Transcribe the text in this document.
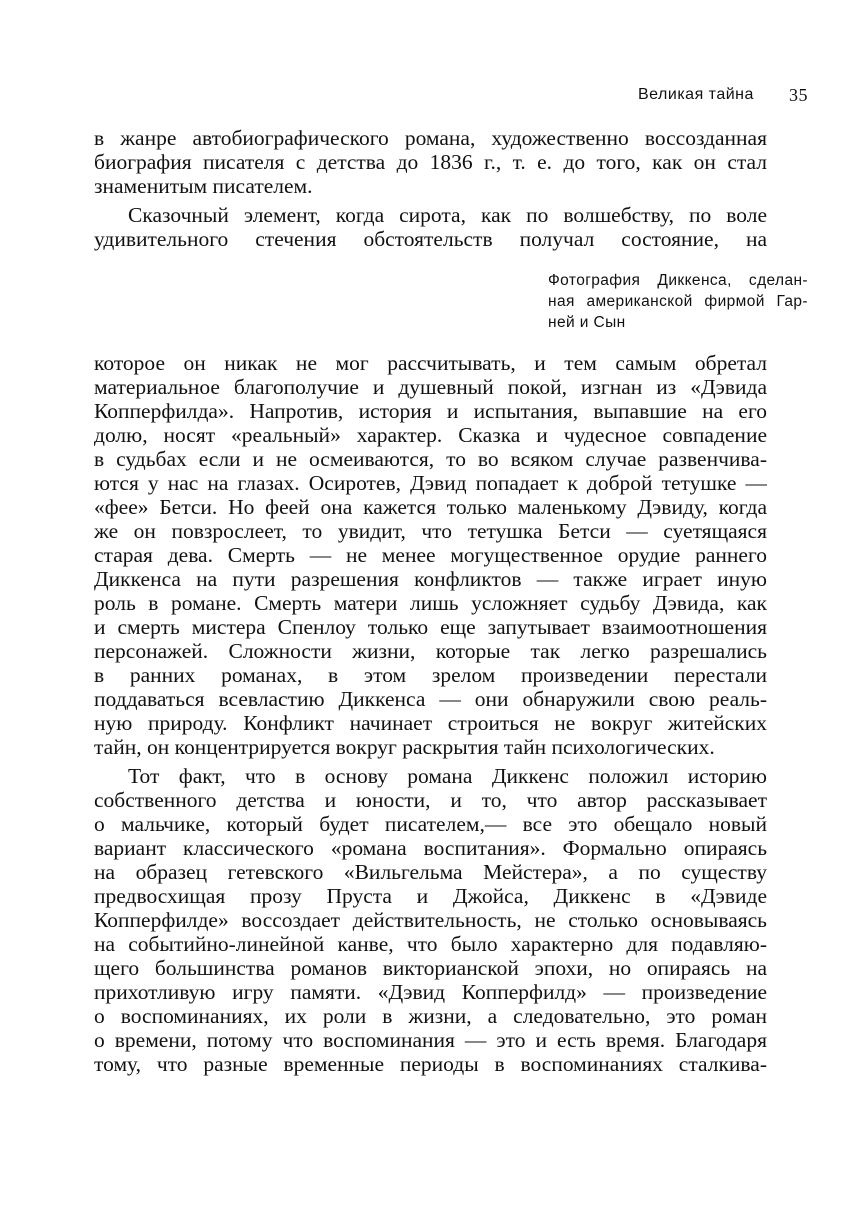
Великая тайна 35
в жанре автобиографического романа, художественно воссозданная
биография писателя с детства до 1836 г., т. е. до того, как он стал
знаменитым писателем.
Сказочный элемент, когда сирота, как по волшебству, по воле
удивительного стечения обстоятельств получал состояние, на
Фотография Диккенса, сделан-
ная американской фирмой Гар-
ней и Сын
которое он никак не мог рассчитывать, и тем самым обретал
материальное благополучие и душевный покой, изгнан из «Дэвида
Копперфилда». Напротив, история и испытания, выпавшие на его
долю, носят «реальный» характер. Сказка и чудесное совпадение
в судьбах если и не осмеиваются, то во всяком случае развенчива-
ются у нас на глазах. Осиротев, Дэвид попадает к доброй тетушке —
«фее» Бетси. Но феей она кажется только маленькому Дэвиду, когда
же он повзрослеет, то увидит, что тетушка Бетси — суетящаяся
старая дева. Смерть — не менее могущественное орудие раннего
Диккенса на пути разрешения конфликтов — также играет иную
роль в романе. Смерть матери лишь усложняет судьбу Дэвида, как
и смерть мистера Спенлоу только еще запутывает взаимоотношения
персонажей. Сложности жизни, которые так легко разрешались
в ранних романах, в этом зрелом произведении перестали
поддаваться всевластию Диккенса — они обнаружили свою реаль-
ную природу. Конфликт начинает строиться не вокруг житейских
тайн, он концентрируется вокруг раскрытия тайн психологических.
Тот факт, что в основу романа Диккенс положил историю
собственного детства и юности, и то, что автор рассказывает
о мальчике, который будет писателем,— все это обещало новый
вариант классического «романа воспитания». Формально опираясь
на образец гетевского «Вильгельма Мейстера», а по существу
предвосхищая прозу Пруста и Джойса, Диккенс в «Дэвиде
Копперфилде» воссоздает действительность, не столько основываясь
на событийно-линейной канве, что было характерно для подавляю-
щего большинства романов викторианской эпохи, но опираясь на
прихотливую игру памяти. «Дэвид Копперфилд» — произведение
о воспоминаниях, их роли в жизни, а следовательно, это роман
о времени, потому что воспоминания — это и есть время. Благодаря
тому, что разные временные периоды в воспоминаниях сталкива-
